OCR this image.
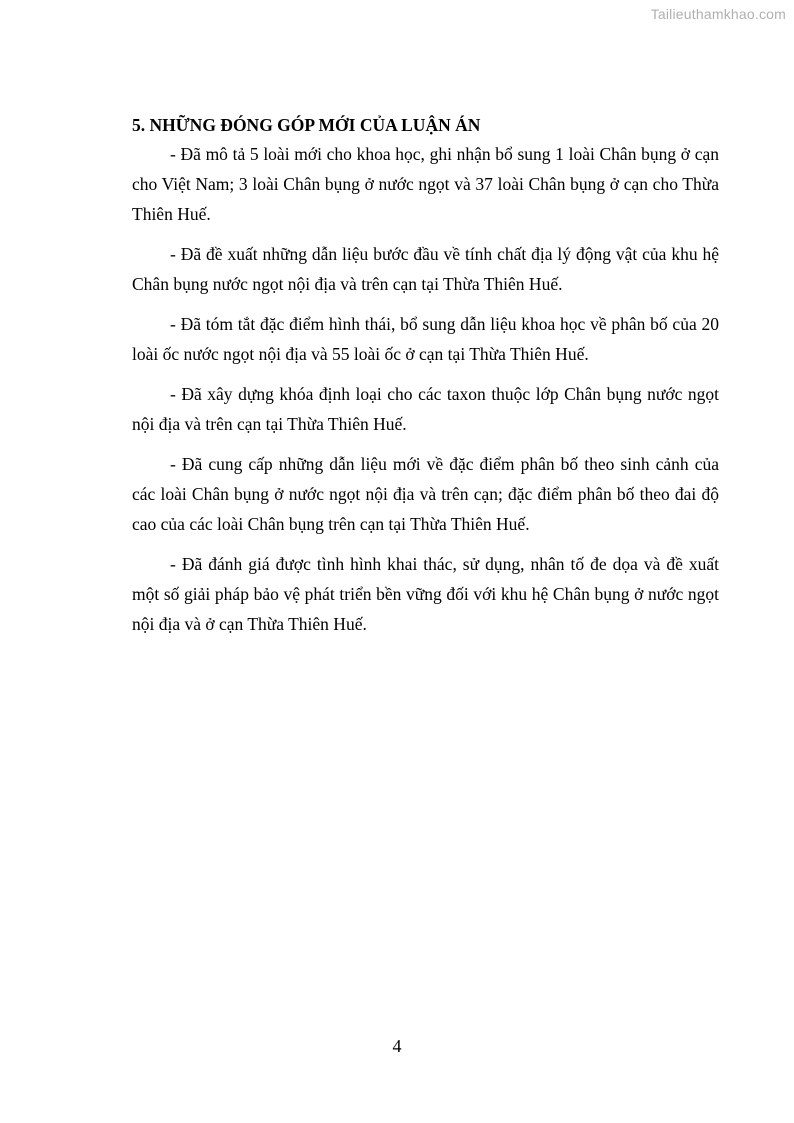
Tailieuthamkhao.com

5. NHỮNG ĐÓNG GÓP MỚI CỦA LUẬN ÁN

- Đã mô tả 5 loài mới cho khoa học, ghi nhận bổ sung 1 loài Chân bụng ở cạn cho Việt Nam; 3 loài Chân bụng ở nước ngọt và 37 loài Chân bụng ở cạn cho Thừa Thiên Huế.

- Đã đề xuất những dẫn liệu bước đầu về tính chất địa lý động vật của khu hệ Chân bụng nước ngọt nội địa và trên cạn tại Thừa Thiên Huế.

- Đã tóm tắt đặc điểm hình thái, bổ sung dẫn liệu khoa học về phân bố của 20 loài ốc nước ngọt nội địa và 55 loài ốc ở cạn tại Thừa Thiên Huế.

- Đã xây dựng khóa định loại cho các taxon thuộc lớp Chân bụng nước ngọt nội địa và trên cạn tại Thừa Thiên Huế.

- Đã cung cấp những dẫn liệu mới về đặc điểm phân bố theo sinh cảnh của các loài Chân bụng ở nước ngọt nội địa và trên cạn; đặc điểm phân bố theo đai độ cao của các loài Chân bụng trên cạn tại Thừa Thiên Huế.

- Đã đánh giá được tình hình khai thác, sử dụng, nhân tố đe dọa và đề xuất một số giải pháp bảo vệ phát triển bền vững đối với khu hệ Chân bụng ở nước ngọt nội địa và ở cạn Thừa Thiên Huế.

4
